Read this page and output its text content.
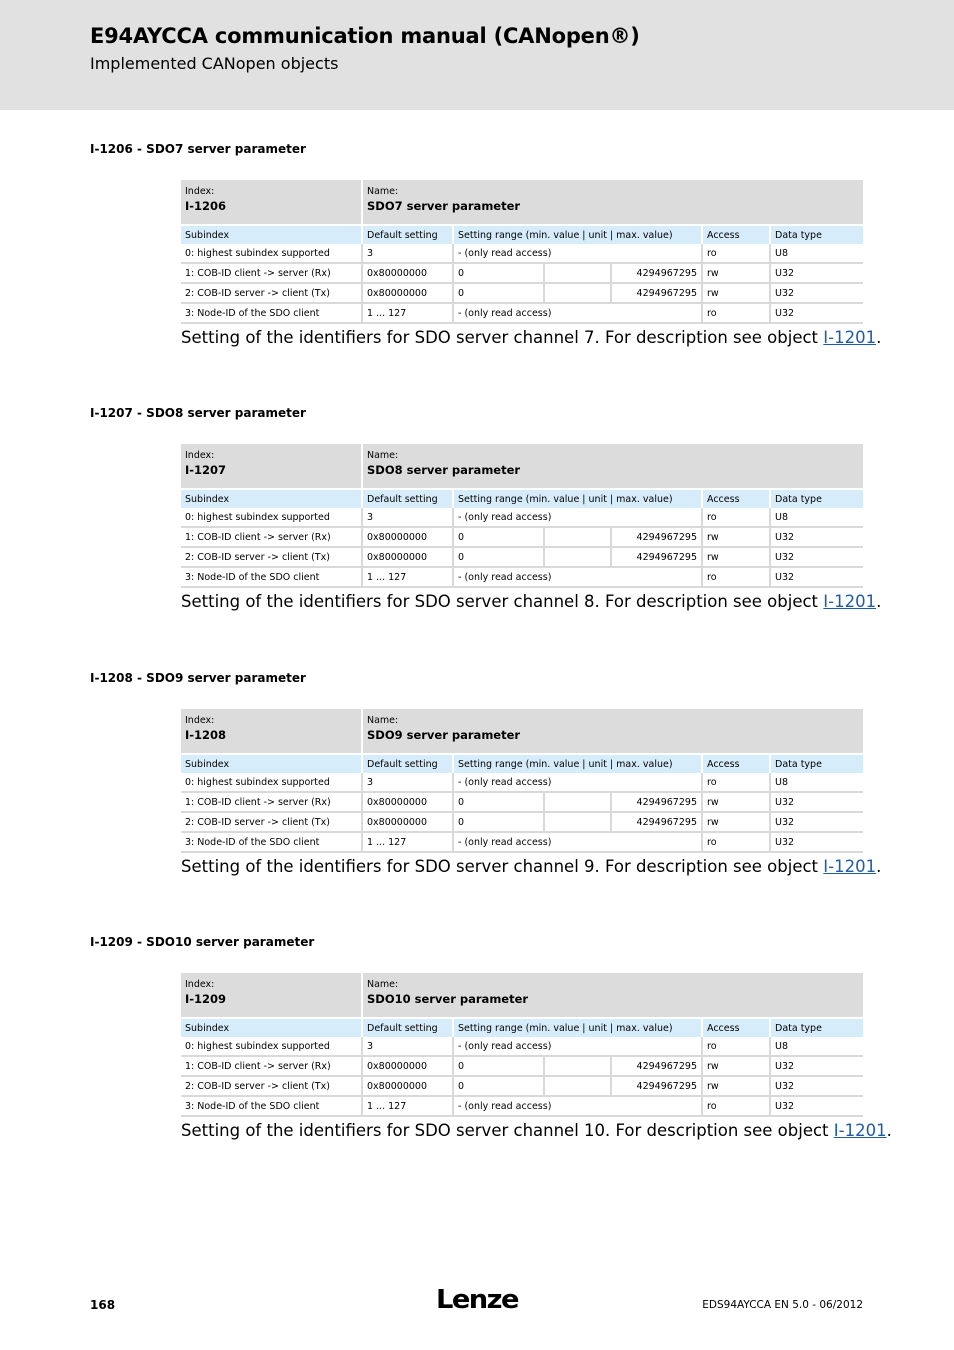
E94AYCCA communication manual (CANopen®)
Implemented CANopen objects
I-1206 - SDO7 server parameter
Index:
I-1206	Name:
SDO7 server parameter					

Subindex	Default setting	Setting range (min. value | unit | max. value)			Access	Data type
0: highest subindex supported	3	- (only read access)			ro	U8
1: COB-ID client -> server (Rx)	0x80000000	0		4294967295	rw	U32
2: COB-ID server -> client (Tx)	0x80000000	0		4294967295	rw	U32
3: Node-ID of the SDO client	1 ... 127	- (only read access)			ro	U32
Setting of the identifiers for SDO server channel 7. For description see object I-1201.
I-1207 - SDO8 server parameter
Index:
I-1207	Name:
SDO8 server parameter					

Subindex	Default setting	Setting range (min. value | unit | max. value)			Access	Data type
0: highest subindex supported	3	- (only read access)			ro	U8
1: COB-ID client -> server (Rx)	0x80000000	0		4294967295	rw	U32
2: COB-ID server -> client (Tx)	0x80000000	0		4294967295	rw	U32
3: Node-ID of the SDO client	1 ... 127	- (only read access)			ro	U32
Setting of the identifiers for SDO server channel 8. For description see object I-1201.
I-1208 - SDO9 server parameter
Index:
I-1208	Name:
SDO9 server parameter					

Subindex	Default setting	Setting range (min. value | unit | max. value)			Access	Data type
0: highest subindex supported	3	- (only read access)			ro	U8
1: COB-ID client -> server (Rx)	0x80000000	0		4294967295	rw	U32
2: COB-ID server -> client (Tx)	0x80000000	0		4294967295	rw	U32
3: Node-ID of the SDO client	1 ... 127	- (only read access)			ro	U32
Setting of the identifiers for SDO server channel 9. For description see object I-1201.
I-1209 - SDO10 server parameter
Index:
I-1209	Name:
SDO10 server parameter					

Subindex	Default setting	Setting range (min. value | unit | max. value)			Access	Data type
0: highest subindex supported	3	- (only read access)			ro	U8
1: COB-ID client -> server (Rx)	0x80000000	0		4294967295	rw	U32
2: COB-ID server -> client (Tx)	0x80000000	0		4294967295	rw	U32
3: Node-ID of the SDO client	1 ... 127	- (only read access)			ro	U32
Setting of the identifiers for SDO server channel 10. For description see object I-1201.
168	Lenze	EDS94AYCCA EN 5.0 - 06/2012
